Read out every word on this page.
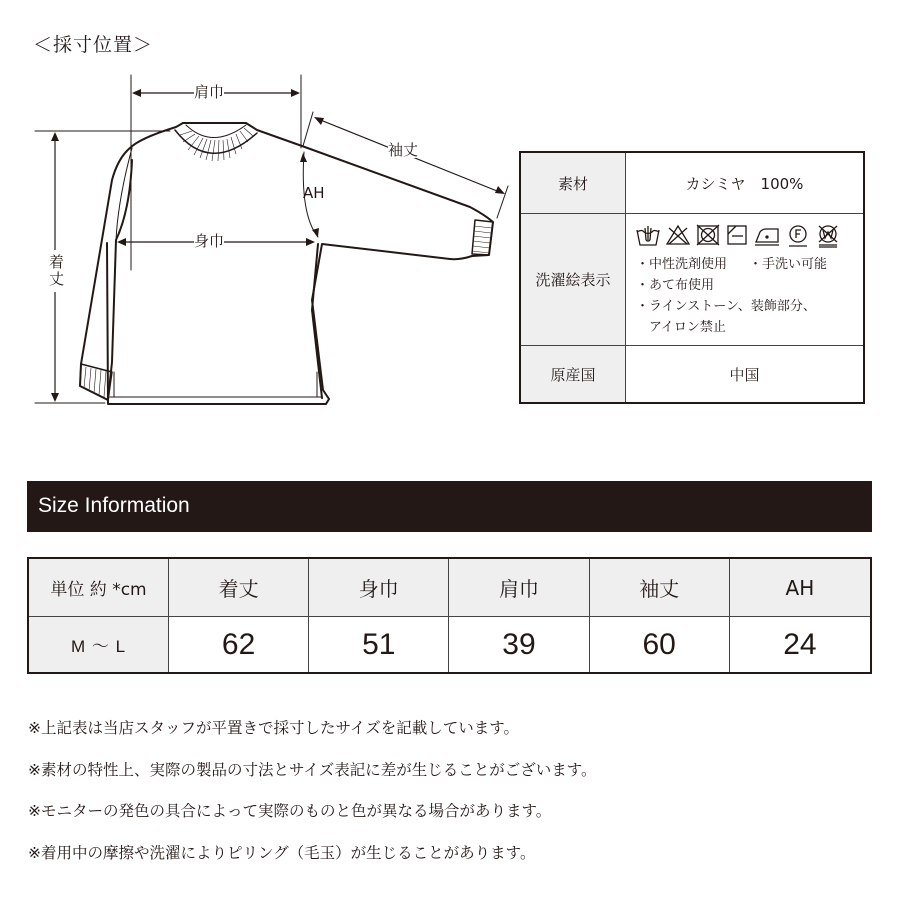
＜採寸位置＞
肩巾
袖丈
AH
身巾
着丈
素材	カシミヤ　100%
洗濯絵表示
・中性洗剤使用 ・手洗い可能
・あて布使用
・ラインストーン、装飾部分、
アイロン禁止
原産国	中国
Size Information
単位 約 *cm	着丈	身巾	肩巾	袖丈	AH
M ～ L	62	51	39	60	24
※上記表は当店スタッフが平置きで採寸したサイズを記載しています。
※素材の特性上、実際の製品の寸法とサイズ表記に差が生じることがございます。
※モニターの発色の具合によって実際のものと色が異なる場合があります。
※着用中の摩擦や洗濯によりピリング（毛玉）が生じることがあります。
